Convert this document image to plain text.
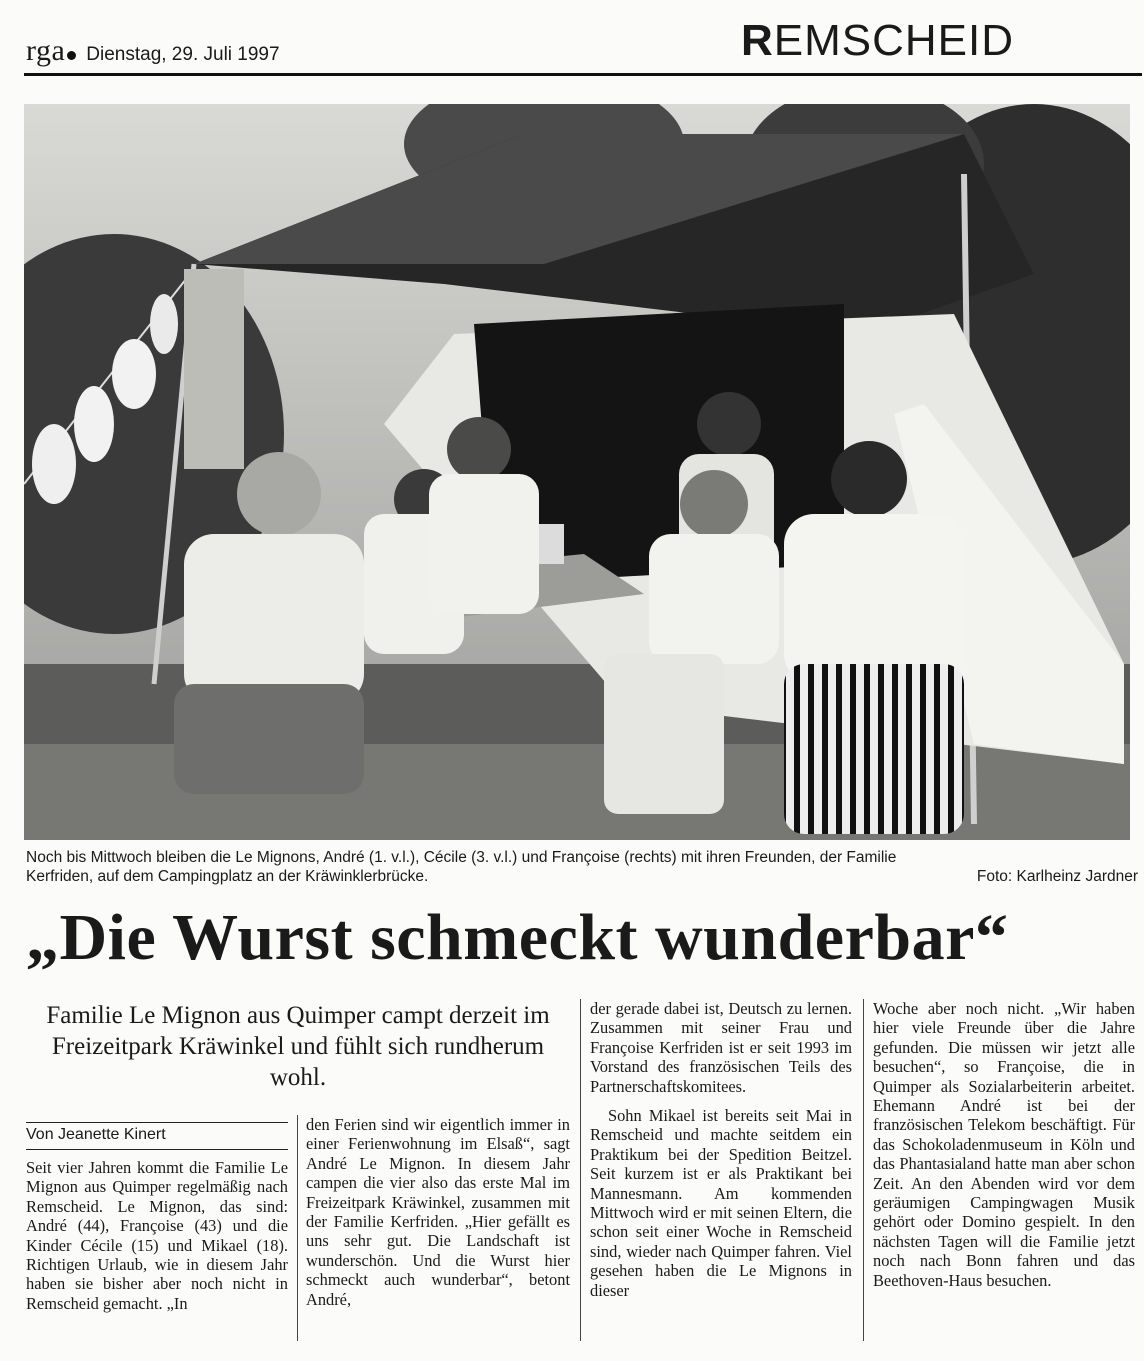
rga	Dienstag, 29. Juli 1997	REMSCHEID
Noch bis Mittwoch bleiben die Le Mignons, André (1. v.l.), Cécile (3. v.l.) und Françoise (rechts) mit ihren Freunden, der Familie
Kerfriden, auf dem Campingplatz an der Kräwinklerbrücke.	Foto: Karlheinz Jardner
„Die Wurst schmeckt wunderbar“
Familie Le Mignon aus Quimper campt derzeit im Freizeitpark Kräwinkel und fühlt sich rundherum wohl.
Von Jeanette Kinert

Seit vier Jahren kommt die Familie Le Mignon aus Quimper regelmäßig nach Remscheid. Le Mignon, das sind: André (44), Françoise (43) und die Kinder Cécile (15) und Mikael (18). Richtigen Urlaub, wie in diesem Jahr haben sie bisher aber noch nicht in Remscheid gemacht. „In

den Ferien sind wir eigentlich immer in einer Ferienwohnung im Elsaß“, sagt André Le Mignon. In diesem Jahr campen die vier also das erste Mal im Freizeitpark Kräwinkel, zusammen mit der Familie Kerfriden. „Hier gefällt es uns sehr gut. Die Landschaft ist wunderschön. Und die Wurst hier schmeckt auch wunderbar“, betont André,

der gerade dabei ist, Deutsch zu lernen. Zusammen mit seiner Frau und Françoise Kerfriden ist er seit 1993 im Vorstand des französischen Teils des Partnerschaftskomitees.

Sohn Mikael ist bereits seit Mai in Remscheid und machte seitdem ein Praktikum bei der Spedition Beitzel. Seit kurzem ist er als Praktikant bei Mannesmann. Am kommenden Mittwoch wird er mit seinen Eltern, die schon seit einer Woche in Remscheid sind, wieder nach Quimper fahren. Viel gesehen haben die Le Mignons in dieser

Woche aber noch nicht. „Wir haben hier viele Freunde über die Jahre gefunden. Die müssen wir jetzt alle besuchen“, so Françoise, die in Quimper als Sozialarbeiterin arbeitet. Ehemann André ist bei der französischen Telekom beschäftigt. Für das Schokoladenmuseum in Köln und das Phantasialand hatte man aber schon Zeit. An den Abenden wird vor dem geräumigen Campingwagen Musik gehört oder Domino gespielt. In den nächsten Tagen will die Familie jetzt noch nach Bonn fahren und das Beethoven-Haus besuchen.
